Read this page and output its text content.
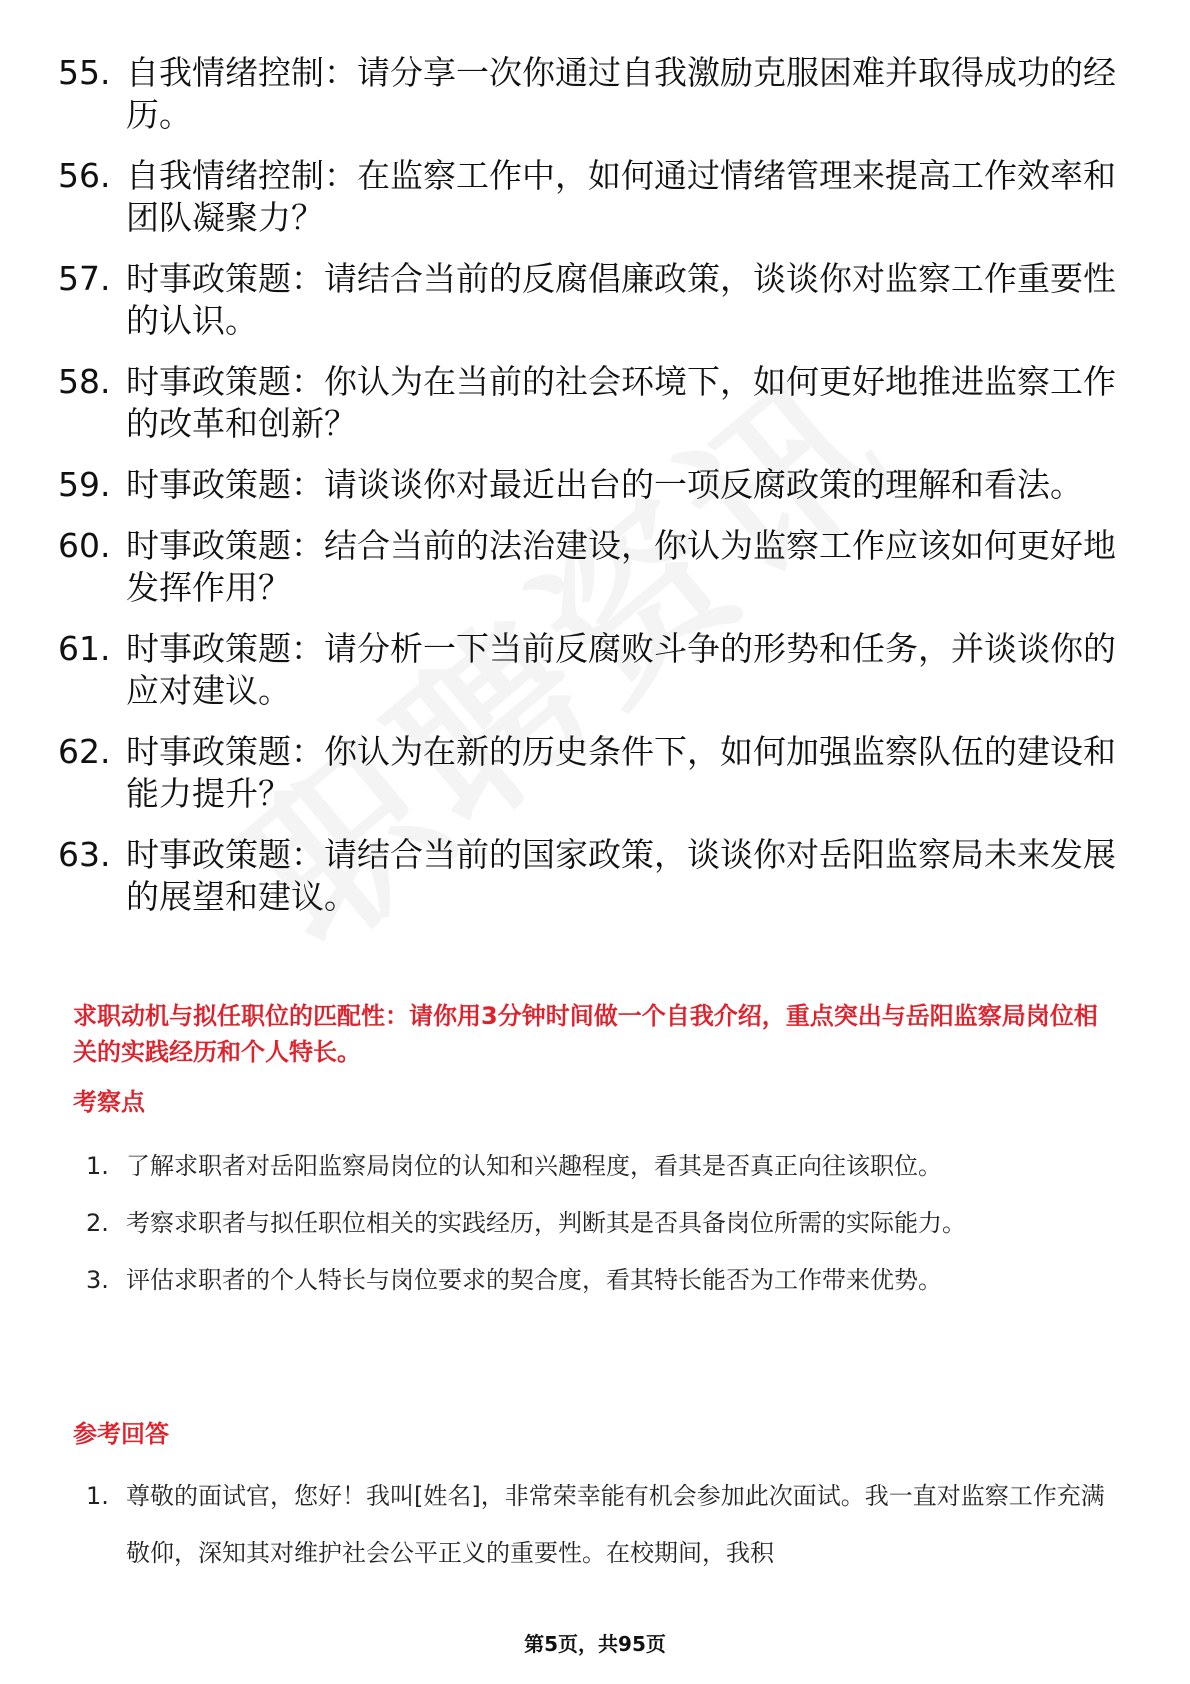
55. 自我情绪控制：请分享一次你通过自我激励克服困难并取得成功的经历。
56. 自我情绪控制：在监察工作中，如何通过情绪管理来提高工作效率和团队凝聚力？
57. 时事政策题：请结合当前的反腐倡廉政策，谈谈你对监察工作重要性的认识。
58. 时事政策题：你认为在当前的社会环境下，如何更好地推进监察工作的改革和创新？
59. 时事政策题：请谈谈你对最近出台的一项反腐政策的理解和看法。
60. 时事政策题：结合当前的法治建设，你认为监察工作应该如何更好地发挥作用？
61. 时事政策题：请分析一下当前反腐败斗争的形势和任务，并谈谈你的应对建议。
62. 时事政策题：你认为在新的历史条件下，如何加强监察队伍的建设和能力提升？
63. 时事政策题：请结合当前的国家政策，谈谈你对岳阳监察局未来发展的展望和建议。
求职动机与拟任职位的匹配性：请你用3分钟时间做一个自我介绍，重点突出与岳阳监察局岗位相关的实践经历和个人特长。
考察点
1. 了解求职者对岳阳监察局岗位的认知和兴趣程度，看其是否真正向往该职位。
2. 考察求职者与拟任职位相关的实践经历，判断其是否具备岗位所需的实际能力。
3. 评估求职者的个人特长与岗位要求的契合度，看其特长能否为工作带来优势。
参考回答
1. 尊敬的面试官，您好！我叫[姓名]，非常荣幸能有机会参加此次面试。我一直对监察工作充满敬仰，深知其对维护社会公平正义的重要性。在校期间，我积
第5页，共95页
